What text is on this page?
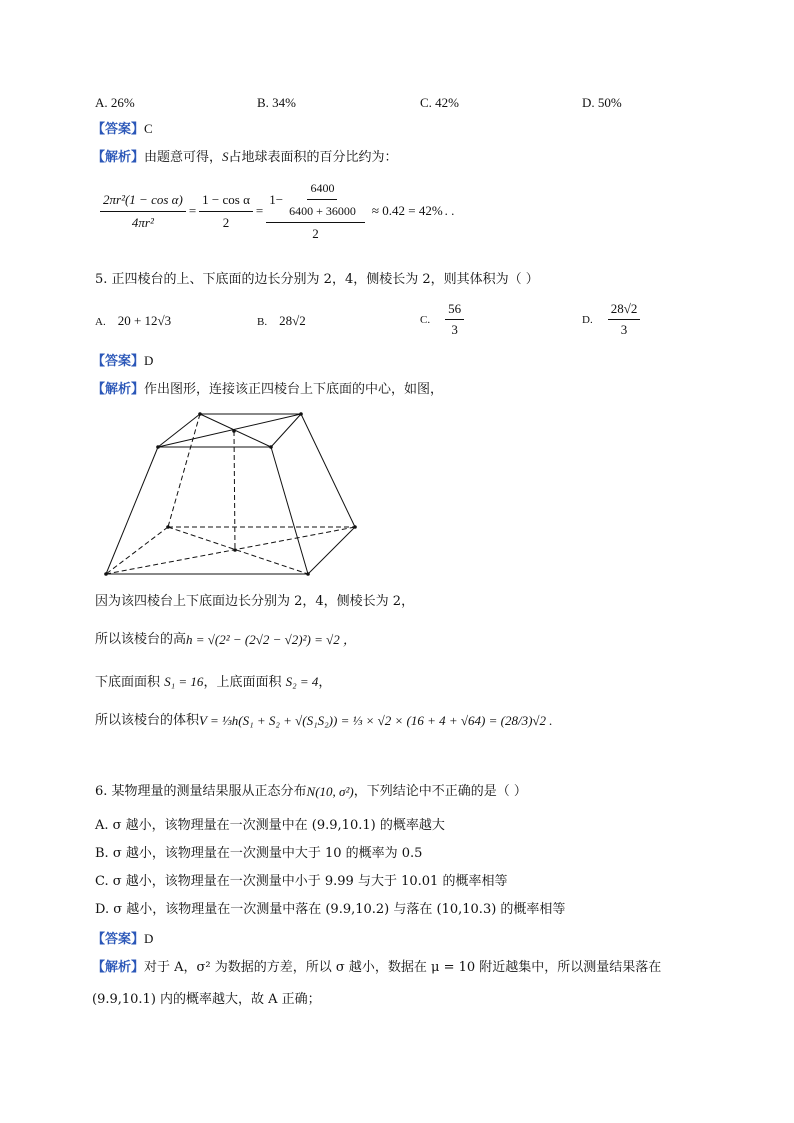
A. 26%	B. 34%	C. 42%	D. 50%
【答案】C
【解析】由题意可得，S占地球表面积的百分比约为：
$\frac{\text{2πr²(1 − cos α)}}{\text{4πr²}} = \frac{\text{1 − cos α}}{2} = \frac{1- \frac{6400}{6400 + 36000}}{2} \approx 0.42 = 42\%$ . .
5. 正四棱台的上、下底面的边长分别为 2，4，侧棱长为 2，则其体积为（ ）
A. 20 + 12√3	B. 28√2	C. $\frac{56}{3}$	D. $\frac{28√2}{3}$
【答案】D
【解析】作出图形，连接该正四棱台上下底面的中心，如图，
因为该四棱台上下底面边长分别为 2，4，侧棱长为 2，
所以该棱台的高 h = √(2² − (2√2 − √2)²) = √2 ，
下底面面积 S₁ = 16，上底面面积 S₂ = 4，
所以该棱台的体积 V = ⅓h(S₁ + S₂ + √(S₁S₂)) = ⅓ × √2 × (16 + 4 + √64) = (28/3)√2 .
6. 某物理量的测量结果服从正态分布 N(10, σ²) ，下列结论中不正确的是（ ）
A. σ 越小，该物理量在一次测量中在 (9.9,10.1) 的概率越大
B. σ 越小，该物理量在一次测量中大于 10 的概率为 0.5
C. σ 越小，该物理量在一次测量中小于 9.99 与大于 10.01 的概率相等
D. σ 越小，该物理量在一次测量中落在 (9.9,10.2) 与落在 (10,10.3) 的概率相等
【答案】D
【解析】对于 A，σ² 为数据的方差，所以 σ 越小，数据在 μ = 10 附近越集中，所以测量结果落在
(9.9,10.1) 内的概率越大，故 A 正确；
